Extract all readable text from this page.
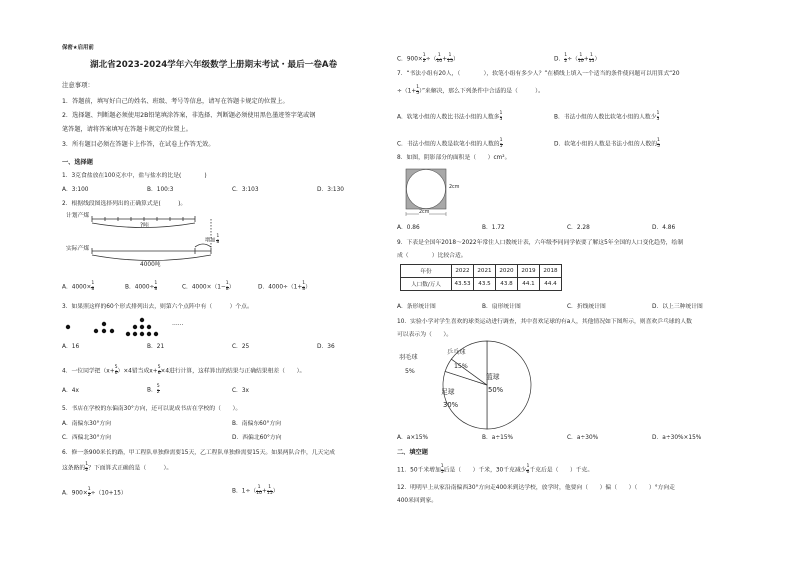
保密★启用前
湖北省2023-2024学年六年级数学上册期末考试・最后一卷A卷
注意事项：
1．答题前，填写好自己的姓名、班级、考号等信息，请写在答题卡规定的位置上。
2．选择题、判断题必须使用2B铅笔填涂答案，非选择、判断题必须使用黑色墨迹签字笔或钢
笔答题，请将答案填写在答题卡规定的位置上。
3．所有题目必须在答题卡上作答，在试卷上作答无效。
一、选择题
1．3克食盐放在100克水中，盐与盐水的比是(　　　　)
A．3:100	B．100:3	C．3:103	D．3:130
2．根据线段图选择列出的正确算式是(　　　)。
计划产煤
实际产煤
?吨
增加 $\frac{1}{8}$
4000吨
A．$4000\times \frac{1}{8}$	B．$4000\div \frac{1}{8}$	C．$4000\times(1- \frac{1}{8}$ ）	D．$4000\div(1+ \frac{1}{8}$ ）
3．如果照这样的60个形式排列出去，则第六个点阵中有（　　　）个点。
……
A．16	B．21	C．25	D．36
4．一位同学把$(x+ \frac{5}{6} )\times 4$错当成$x+ \frac{5}{6} \times 4$进行计算，这样算出的结果与正确结果相差（　　）。
A．4x	B． $\frac{5}{2}$	C．3x
5．书店在学校的东偏南30°方向，还可以说成书店在学校的（　　）。
A．南偏东30°方向	B．南偏东60°方向
C．西偏北30°方向	D．西偏北60°方向
6．修一条900米长的路，甲工程队单独修需要15天，乙工程队单独修需要15天。如果两队合作，几天完成
这条路的 $\frac{1}{2}$ ？下面算式正确的是（　　　）。
A．$900\times \frac{1}{2} \div(10+15)$	B．$1\div( \frac{1}{10} + \frac{1}{15}$ ）
C．$900\times \frac{1}{2}$ ÷（ $\frac{1}{10} + \frac{1}{15}$ ）	D． $\frac{1}{2}$ ÷（ $\frac{1}{10} + \frac{1}{15}$ ）
7．“书法小组有20人，（　　　　），软笔小组有多少人？”在横线上填入一个适当的条件使问题可以用算式“20
$\div(1+ \frac{1}{5}$ ）”来解决，那么下列条件中合适的是（　　　）。
A．软笔小组的人数比书法小组的人数多 $\frac{1}{5}$	B．书法小组的人数比软笔小组的人数少 $\frac{1}{5}$
C．书法小组的人数是软笔小组的人数的 $\frac{1}{5}$	D．软笔小组的人数是书法小组的人数的 $\frac{1}{5}$
8．如图，阴影部分的面积是（　　）cm²。
2cm
2cm
A．0.86	B．1.72	C．2.28	D．4.86
9．下表是全国年2018～2022年常住人口数统计表，六年级李同同学依要了解这5年全国的人口变化趋势，绘制
成（　　　　）比较合适。
年份	2022	2021	2020	2019	2018
人口数/万人	43.53	43.5	43.8	44.1	44.4
A．条形统计图	B．扇形统计图	C．折线统计图	D．以上三种统计图
10．实验小学对学生喜欢的球类运动进行调查，其中喜欢足球的有a人，其他情况如下图所示，则喜欢乒乓球的人数
可以表示为（　　）。
羽毛球
5%
乒乓球
15%
篮球
50%
足球
30%
A．a×15%	B．a÷15%	C．a÷30%	D．a÷30%×15%
二、填空题
11．50千米增加 $\frac{1}{5}$ 后是（　　）千米，30千克减少 $\frac{1}{6}$ 千克后是（　　）千克。
12．明明早上从家沿南偏西30°方向走400米到达学校，放学时，他要向（　　）偏（　　）（　　）°方向走
400米回到家。
